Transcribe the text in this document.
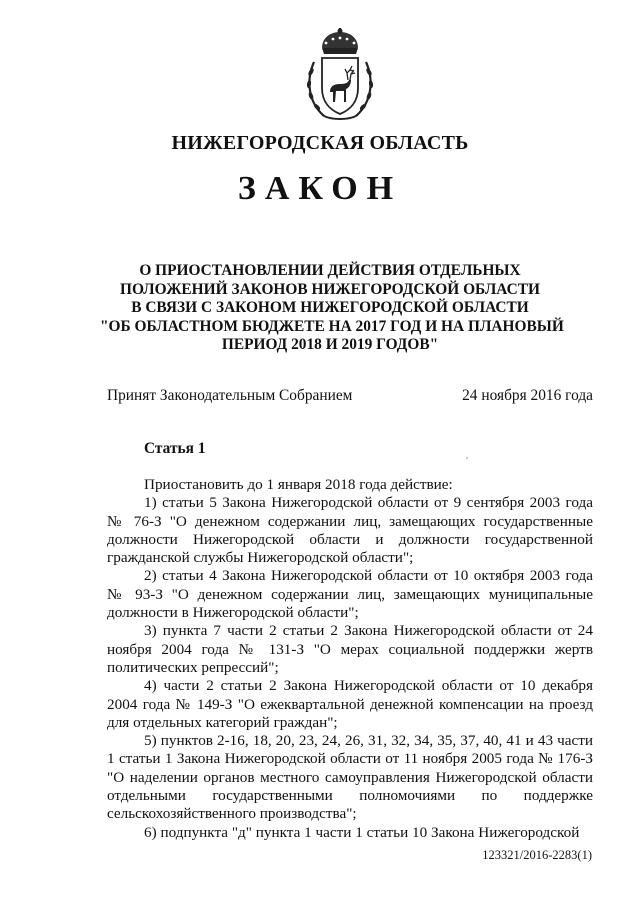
НИЖЕГОРОДСКАЯ ОБЛАСТЬ
ЗАКОН
О ПРИОСТАНОВЛЕНИИ ДЕЙСТВИЯ ОТДЕЛЬНЫХ
ПОЛОЖЕНИЙ ЗАКОНОВ НИЖЕГОРОДСКОЙ ОБЛАСТИ
В СВЯЗИ С ЗАКОНОМ НИЖЕГОРОДСКОЙ ОБЛАСТИ
"ОБ ОБЛАСТНОМ БЮДЖЕТЕ НА 2017 ГОД И НА ПЛАНОВЫЙ
ПЕРИОД 2018 И 2019 ГОДОВ"
Принят Законодательным Собранием	24 ноября 2016 года
Статья 1
′

Приостановить до 1 января 2018 года действие:

1) статьи 5 Закона Нижегородской области от 9 сентября 2003 года № 76-З "О денежном содержании лиц, замещающих государственные должности Нижегородской области и должности государственной гражданской службы Нижегородской области";

2) статьи 4 Закона Нижегородской области от 10 октября 2003 года № 93-З "О денежном содержании лиц, замещающих муниципальные должности в Нижегородской области";

3) пункта 7 части 2 статьи 2 Закона Нижегородской области от 24 ноября 2004 года № 131-З "О мерах социальной поддержки жертв политических репрессий";

4) части 2 статьи 2 Закона Нижегородской области от 10 декабря 2004 года № 149-З "О ежеквартальной денежной компенсации на проезд для отдельных категорий граждан";

5) пунктов 2-16, 18, 20, 23, 24, 26, 31, 32, 34, 35, 37, 40, 41 и 43 части 1 статьи 1 Закона Нижегородской области от 11 ноября 2005 года № 176-З "О наделении органов местного самоуправления Нижегородской области отдельными государственными полномочиями по поддержке сельскохозяйственного производства";

6) подпункта "д" пункта 1 части 1 статьи 10 Закона Нижегородской

123321/2016-2283(1)
